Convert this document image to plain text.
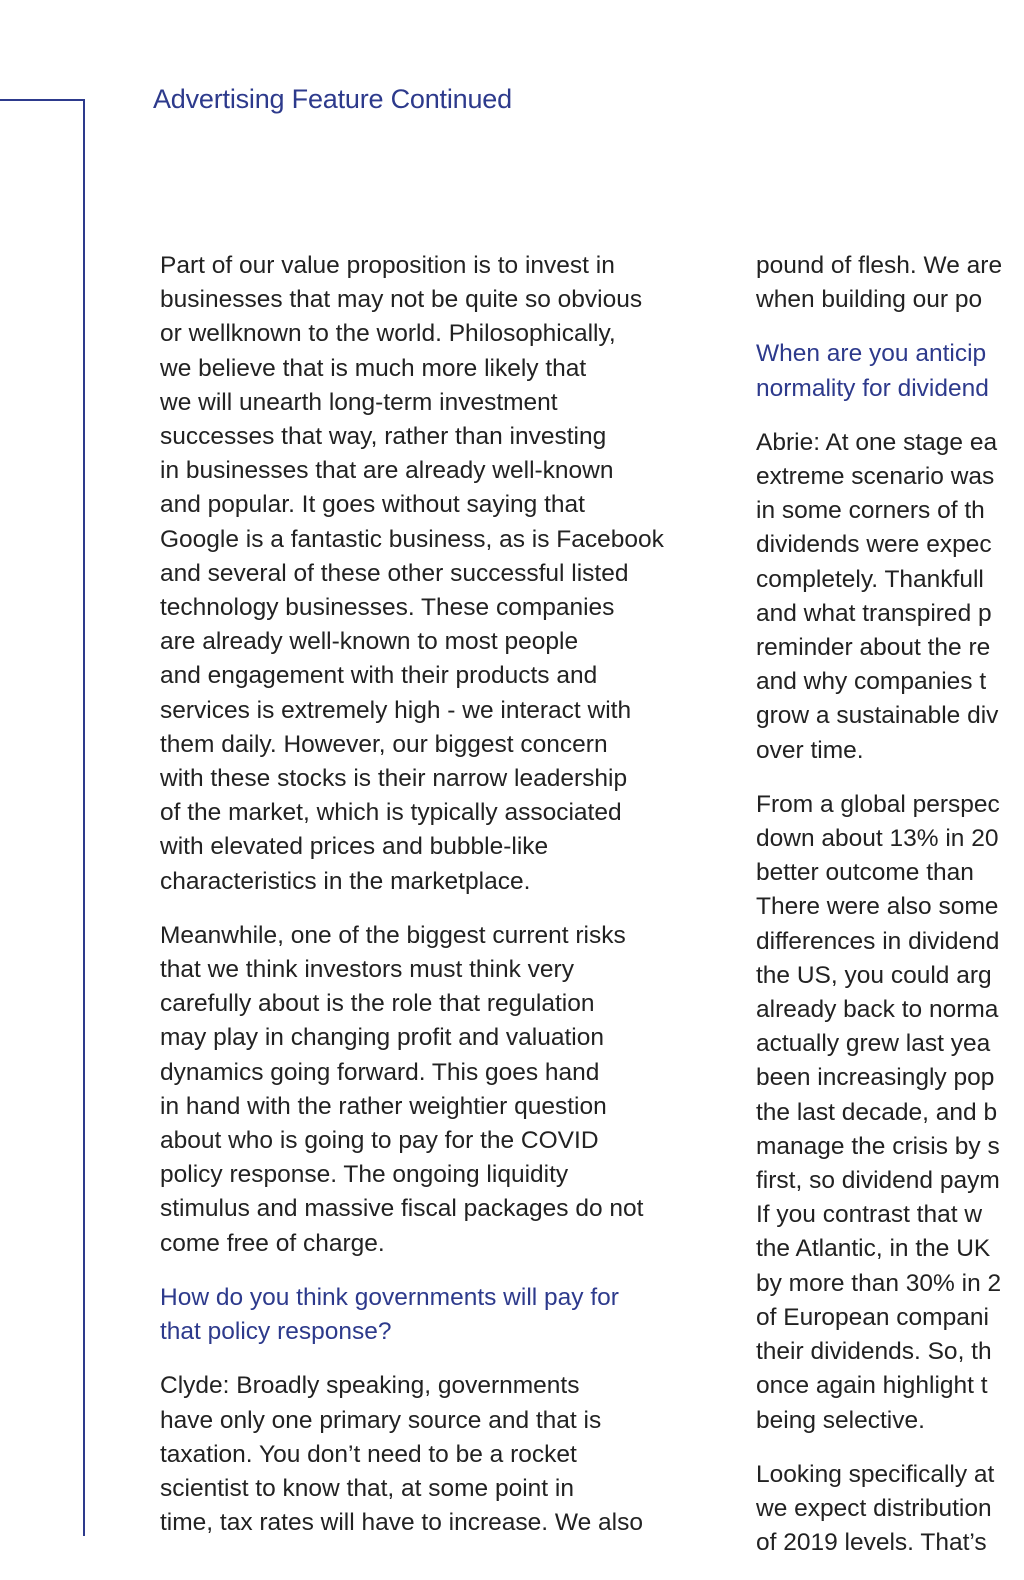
Advertising Feature Continued
Part of our value proposition is to invest in
businesses that may not be quite so obvious
or wellknown to the world. Philosophically,
we believe that is much more likely that
we will unearth long-term investment
successes that way, rather than investing
in businesses that are already well-known
and popular. It goes without saying that
Google is a fantastic business, as is Facebook
and several of these other successful listed
technology businesses. These companies
are already well-known to most people
and engagement with their products and
services is extremely high - we interact with
them daily. However, our biggest concern
with these stocks is their narrow leadership
of the market, which is typically associated
with elevated prices and bubble-like
characteristics in the marketplace.
Meanwhile, one of the biggest current risks
that we think investors must think very
carefully about is the role that regulation
may play in changing profit and valuation
dynamics going forward. This goes hand
in hand with the rather weightier question
about who is going to pay for the COVID
policy response. The ongoing liquidity
stimulus and massive fiscal packages do not
come free of charge.
How do you think governments will pay for
that policy response?
Clyde: Broadly speaking, governments
have only one primary source and that is
taxation. You don’t need to be a rocket
scientist to know that, at some point in
time, tax rates will have to increase. We also
pound of flesh. We are
when building our po
When are you anticip
normality for dividend
Abrie: At one stage ea
extreme scenario was
in some corners of th
dividends were expec
completely. Thankfull
and what transpired p
reminder about the re
and why companies t
grow a sustainable div
over time.
From a global perspec
down about 13% in 20
better outcome than
There were also some
differences in dividend
the US, you could arg
already back to norma
actually grew last yea
been increasingly pop
the last decade, and b
manage the crisis by s
first, so dividend paym
If you contrast that w
the Atlantic, in the UK
by more than 30% in 2
of European compani
their dividends. So, th
once again highlight t
being selective.
Looking specifically at
we expect distribution
of 2019 levels. That’s
